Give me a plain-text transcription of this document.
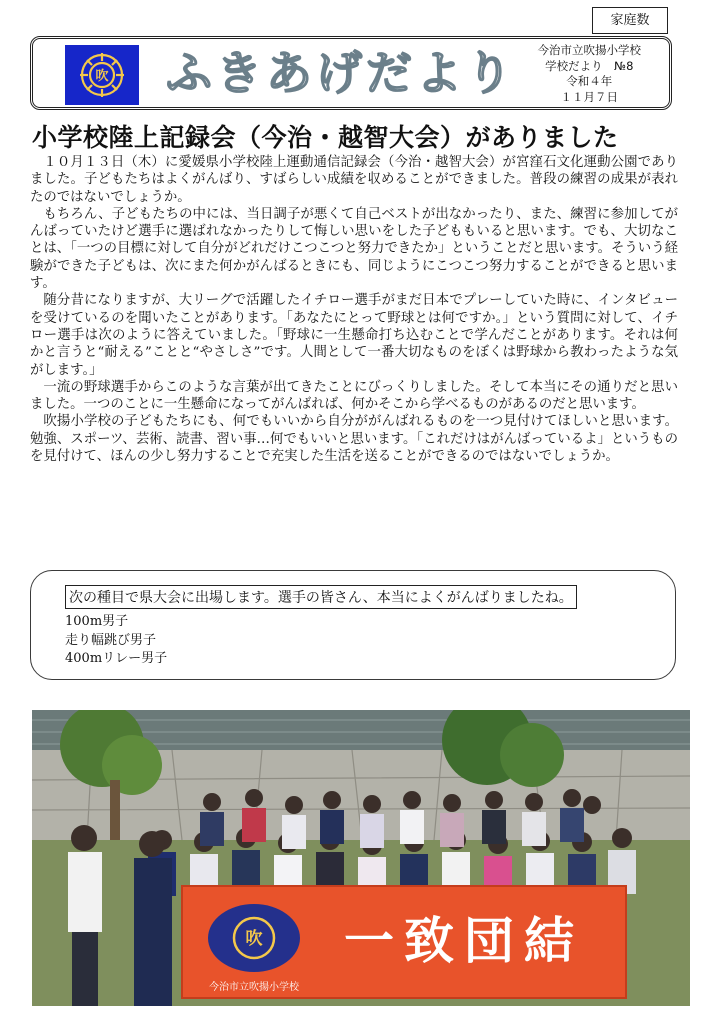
家庭数
吹 ふきあげだより 今治市立吹揚小学校
学校だより　№8
令和４年
１１月７日
小学校陸上記録会（今治・越智大会）がありました

１０月１３日（木）に愛媛県小学校陸上運動通信記録会（今治・越智大会）が宮窪石文化運動公園でありました。子どもたちはよくがんばり、すばらしい成績を収めることができました。普段の練習の成果が表れたのではないでしょうか。

もちろん、子どもたちの中には、当日調子が悪くて自己ベストが出なかったり、また、練習に参加してがんばっていたけど選手に選ばれなかったりして悔しい思いをした子どももいると思います。でも、大切なことは、「一つの目標に対して自分がどれだけこつこつと努力できたか」ということだと思います。そういう経験ができた子どもは、次にまた何かがんばるときにも、同じようにこつこつ努力することができると思います。

随分昔になりますが、大リーグで活躍したイチロー選手がまだ日本でプレーしていた時に、インタビューを受けているのを聞いたことがあります。「あなたにとって野球とは何ですか。」という質問に対して、イチロー選手は次のように答えていました。「野球に一生懸命打ち込むことで学んだことがあります。それは何かと言うと“耐える”ことと“やさしさ”です。人間として一番大切なものをぼくは野球から教わったような気がします。」

一流の野球選手からこのような言葉が出てきたことにびっくりしました。そして本当にその通りだと思いました。一つのことに一生懸命になってがんばれば、何かそこから学べるものがあるのだと思います。

吹揚小学校の子どもたちにも、何でもいいから自分ががんばれるものを一つ見付けてほしいと思います。勉強、スポーツ、芸術、読書、習い事…何でもいいと思います。「これだけはがんばっているよ」というものを見付けて、ほんの少し努力することで充実した生活を送ることができるのではないでしょうか。

次の種目で県大会に出場します。選手の皆さん、本当によくがんばりましたね。
100m男子
走り幅跳び男子
400mリレー男子
吹 一致団結
今治市立吹揚小学校
